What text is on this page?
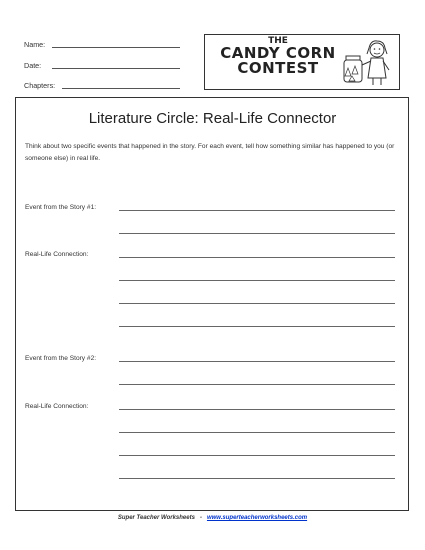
Name:
Date:
Chapters:
THE
CANDY CORN
CONTEST
Literature Circle: Real-Life Connector
Think about two specific events that happened in the story. For each event, tell how something similar has happened to you (or someone else) in real life.
Event from the Story #1:
Real-Life Connection:
Event from the Story #2:
Real-Life Connection:
Super Teacher Worksheets - www.superteacherworksheets.com
